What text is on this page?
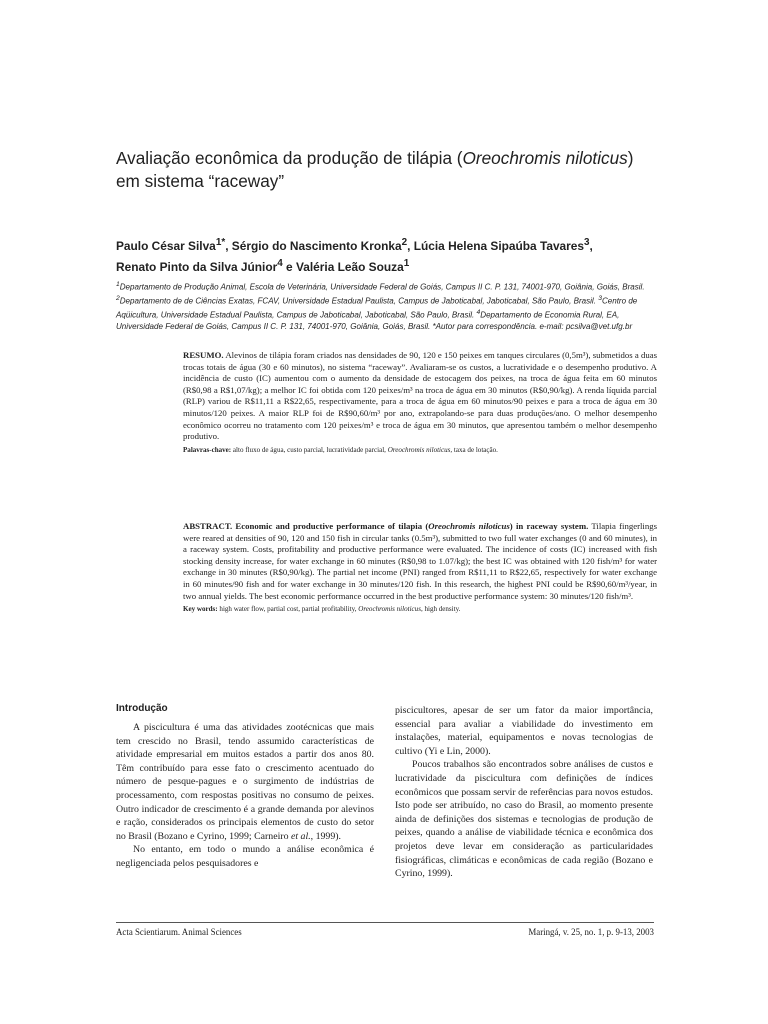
Avaliação econômica da produção de tilápia (Oreochromis niloticus)
em sistema “raceway”
Paulo César Silva$^{1*}$, Sérgio do Nascimento Kronka$^2$, Lúcia Helena Sipaúba Tavares$^3$,
Renato Pinto da Silva Júnior$^4$ e Valéria Leão Souza$^1$

$^1$Departamento de Produção Animal, Escola de Veterinária, Universidade Federal de Goiás, Campus II C. P. 131, 74001-970, Goiânia, Goiás, Brasil. $^2$Departamento de de Ciências Exatas, FCAV, Universidade Estadual Paulista, Campus de Jaboticabal, Jaboticabal, São Paulo, Brasil. $^3$Centro de Aqüicultura, Universidade Estadual Paulista, Campus de Jaboticabal, Jaboticabal, São Paulo, Brasil. $^4$Departamento de Economia Rural, EA, Universidade Federal de Goiás, Campus II C. P. 131, 74001-970, Goiânia, Goiás, Brasil. *Autor para correspondência. e-mail: pcsilva@vet.ufg.br

RESUMO. Alevinos de tilápia foram criados nas densidades de 90, 120 e 150 peixes em tanques circulares (0,5m³), submetidos a duas trocas totais de água (30 e 60 minutos), no sistema “raceway”. Avaliaram-se os custos, a lucratividade e o desempenho produtivo. A incidência de custo (IC) aumentou com o aumento da densidade de estocagem dos peixes, na troca de água feita em 60 minutos (R$0,98 a R$1,07/kg); a melhor IC foi obtida com 120 peixes/m³ na troca de água em 30 minutos (R$0,90/kg). A renda líquida parcial (RLP) variou de R$11,11 a R$22,65, respectivamente, para a troca de água em 60 minutos/90 peixes e para a troca de água em 30 minutos/120 peixes. A maior RLP foi de R$90,60/m³ por ano, extrapolando-se para duas produções/ano. O melhor desempenho econômico ocorreu no tratamento com 120 peixes/m³ e troca de água em 30 minutos, que apresentou também o melhor desempenho produtivo.

Palavras-chave: alto fluxo de água, custo parcial, lucratividade parcial, Oreochromis niloticus, taxa de lotação.

ABSTRACT. Economic and productive performance of tilapia (Oreochromis niloticus) in raceway system. Tilapia fingerlings were reared at densities of 90, 120 and 150 fish in circular tanks (0.5m³), submitted to two full water exchanges (0 and 60 minutes), in a raceway system. Costs, profitability and productive performance were evaluated. The incidence of costs (IC) increased with fish stocking density increase, for water exchange in 60 minutes (R$0,98 to 1.07/kg); the best IC was obtained with 120 fish/m³ for water exchange in 30 minutes (R$0,90/kg). The partial net income (PNI) ranged from R$11,11 to R$22,65, respectively for water exchange in 60 minutes/90 fish and for water exchange in 30 minutes/120 fish. In this research, the highest PNI could be R$90,60/m³/year, in two annual yields. The best economic performance occurred in the best productive performance system: 30 minutes/120 fish/m³.

Key words: high water flow, partial cost, partial profitability, Oreochromis niloticus, high density.

Introdução

A piscicultura é uma das atividades zootécnicas que mais tem crescido no Brasil, tendo assumido características de atividade empresarial em muitos estados a partir dos anos 80. Têm contribuído para esse fato o crescimento acentuado do número de pesque-pagues e o surgimento de indústrias de processamento, com respostas positivas no consumo de peixes. Outro indicador de crescimento é a grande demanda por alevinos e ração, considerados os principais elementos de custo do setor no Brasil (Bozano e Cyrino, 1999; Carneiro et al., 1999).

No entanto, em todo o mundo a análise econômica é negligenciada pelos pesquisadores e

piscicultores, apesar de ser um fator da maior importância, essencial para avaliar a viabilidade do investimento em instalações, material, equipamentos e novas tecnologias de cultivo (Yi e Lin, 2000).

Poucos trabalhos são encontrados sobre análises de custos e lucratividade da piscicultura com definições de índices econômicos que possam servir de referências para novos estudos. Isto pode ser atribuído, no caso do Brasil, ao momento presente ainda de definições dos sistemas e tecnologias de produção de peixes, quando a análise de viabilidade técnica e econômica dos projetos deve levar em consideração as particularidades fisiográficas, climáticas e econômicas de cada região (Bozano e Cyrino, 1999).

Acta Scientiarum. Animal Sciences	Maringá, v. 25, no. 1, p. 9-13, 2003
